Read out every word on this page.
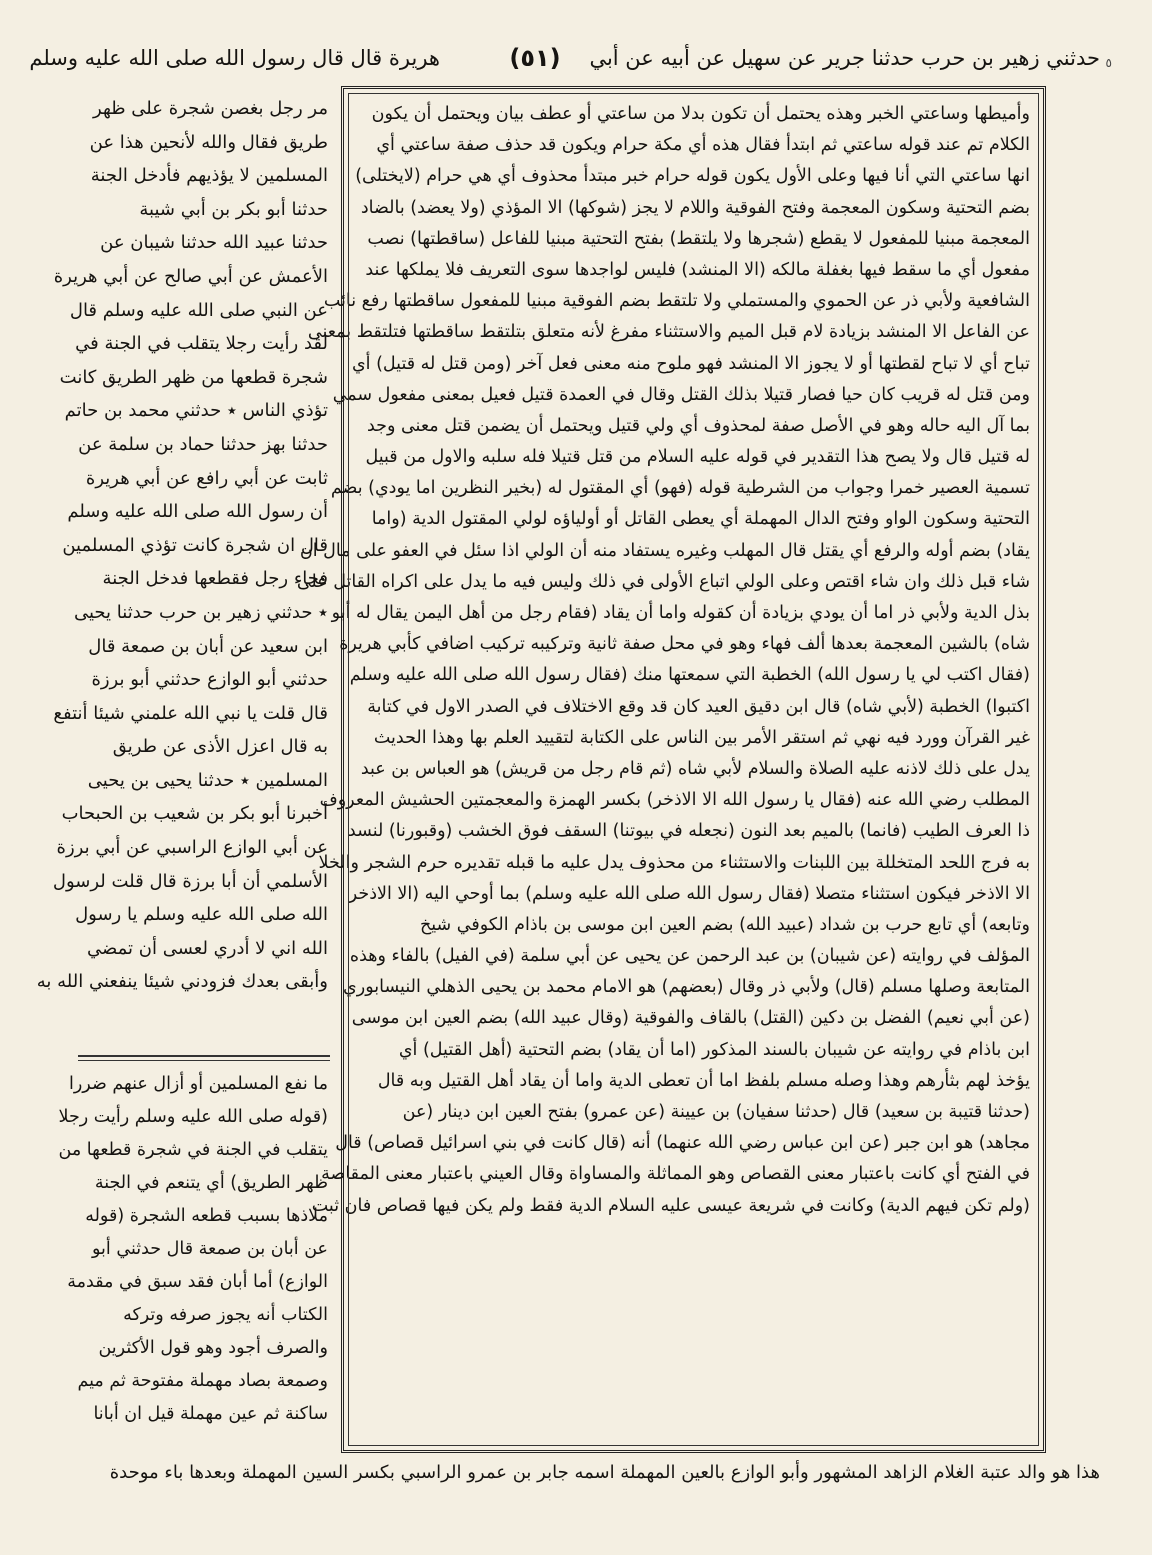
٥
حدثني زهير بن حرب حدثنا جرير عن سهيل عن أبيه عن أبي
(٥١)
هريرة قال قال رسول الله صلى الله عليه وسلم
وأميطها وساعتي الخبر وهذه يحتمل أن تكون بدلا من ساعتي أو عطف بيان ويحتمل أن يكون
الكلام تم عند قوله ساعتي ثم ابتدأ فقال هذه أي مكة حرام ويكون قد حذف صفة ساعتي أي
انها ساعتي التي أنا فيها وعلى الأول يكون قوله حرام خبر مبتدأ محذوف أي هي حرام (لايختلى)
بضم التحتية وسكون المعجمة وفتح الفوقية واللام لا يجز (شوكها) الا المؤذي (ولا يعضد) بالضاد
المعجمة مبنيا للمفعول لا يقطع (شجرها ولا يلتقط) بفتح التحتية مبنيا للفاعل (ساقطتها) نصب
مفعول أي ما سقط فيها بغفلة مالكه (الا المنشد) فليس لواجدها سوى التعريف فلا يملكها عند
الشافعية ولأبي ذر عن الحموي والمستملي ولا تلتقط بضم الفوقية مبنيا للمفعول ساقطتها رفع نائب
عن الفاعل الا المنشد بزيادة لام قبل الميم والاستثناء مفرغ لأنه متعلق بتلتقط ساقطتها فتلتقط بمعنى
تباح أي لا تباح لقطتها أو لا يجوز الا المنشد فهو ملوح منه معنى فعل آخر (ومن قتل له قتيل) أي
ومن قتل له قريب كان حيا فصار قتيلا بذلك القتل وقال في العمدة قتيل فعيل بمعنى مفعول سمي
بما آل اليه حاله وهو في الأصل صفة لمحذوف أي ولي قتيل ويحتمل أن يضمن قتل معنى وجد
له قتيل قال ولا يصح هذا التقدير في قوله عليه السلام من قتل قتيلا فله سلبه والاول من قبيل
تسمية العصير خمرا وجواب من الشرطية قوله (فهو) أي المقتول له (بخير النظرين اما يودي) بضم
التحتية وسكون الواو وفتح الدال المهملة أي يعطى القاتل أو أولياؤه لولي المقتول الدية (واما
يقاد) بضم أوله والرفع أي يقتل قال المهلب وغيره يستفاد منه أن الولي اذا سئل في العفو على مال ان
شاء قبل ذلك وان شاء اقتص وعلى الولي اتباع الأولى في ذلك وليس فيه ما يدل على اكراه القاتل على
بذل الدية ولأبي ذر اما أن يودي بزيادة أن كقوله واما أن يقاد (فقام رجل من أهل اليمن يقال له أبو
شاه) بالشين المعجمة بعدها ألف فهاء وهو في محل صفة ثانية وتركيبه تركيب اضافي كأبي هريرة
(فقال اكتب لي يا رسول الله) الخطبة التي سمعتها منك (فقال رسول الله صلى الله عليه وسلم
اكتبوا) الخطبة (لأبي شاه) قال ابن دقيق العيد كان قد وقع الاختلاف في الصدر الاول في كتابة
غير القرآن وورد فيه نهي ثم استقر الأمر بين الناس على الكتابة لتقييد العلم بها وهذا الحديث
يدل على ذلك لاذنه عليه الصلاة والسلام لأبي شاه (ثم قام رجل من قريش) هو العباس بن عبد
المطلب رضي الله عنه (فقال يا رسول الله الا الاذخر) بكسر الهمزة والمعجمتين الحشيش المعروف
ذا العرف الطيب (فانما) بالميم بعد النون (نجعله في بيوتنا) السقف فوق الخشب (وقبورنا) لنسد
به فرج اللحد المتخللة بين اللبنات والاستثناء من محذوف يدل عليه ما قبله تقديره حرم الشجر والخلا
الا الاذخر فيكون استثناء متصلا (فقال رسول الله صلى الله عليه وسلم) بما أوحي اليه (الا الاذخر
وتابعه) أي تابع حرب بن شداد (عبيد الله) بضم العين ابن موسى بن باذام الكوفي شيخ
المؤلف في روايته (عن شيبان) بن عبد الرحمن عن يحيى عن أبي سلمة (في الفيل) بالفاء وهذه
المتابعة وصلها مسلم (قال) ولأبي ذر وقال (بعضهم) هو الامام محمد بن يحيى الذهلي النيسابوري
(عن أبي نعيم) الفضل بن دكين (القتل) بالقاف والفوقية (وقال عبيد الله) بضم العين ابن موسى
ابن باذام في روايته عن شيبان بالسند المذكور (اما أن يقاد) بضم التحتية (أهل القتيل) أي
يؤخذ لهم بثأرهم وهذا وصله مسلم بلفظ اما أن تعطى الدية واما أن يقاد أهل القتيل وبه قال
(حدثنا قتيبة بن سعيد) قال (حدثنا سفيان) بن عيينة (عن عمرو) بفتح العين ابن دينار (عن
مجاهد) هو ابن جبر (عن ابن عباس رضي الله عنهما) أنه (قال كانت في بني اسرائيل قصاص) قال
في الفتح أي كانت باعتبار معنى القصاص وهو المماثلة والمساواة وقال العيني باعتبار معنى المقاصة
(ولم تكن فيهم الدية) وكانت في شريعة عيسى عليه السلام الدية فقط ولم يكن فيها قصاص فان ثبت
مر رجل بغصن شجرة على ظهر
طريق فقال والله لأنحين هذا عن
المسلمين لا يؤذيهم فأدخل الجنة
حدثنا أبو بكر بن أبي شيبة
حدثنا عبيد الله حدثنا شيبان عن
الأعمش عن أبي صالح عن أبي هريرة
عن النبي صلى الله عليه وسلم قال
لقد رأيت رجلا يتقلب في الجنة في
شجرة قطعها من ظهر الطريق كانت
تؤذي الناس ٭ حدثني محمد بن حاتم
حدثنا بهز حدثنا حماد بن سلمة عن
ثابت عن أبي رافع عن أبي هريرة
أن رسول الله صلى الله عليه وسلم
قال ان شجرة كانت تؤذي المسلمين
فجاء رجل فقطعها فدخل الجنة
٭ حدثني زهير بن حرب حدثنا يحيى
ابن سعيد عن أبان بن صمعة قال
حدثني أبو الوازع حدثني أبو برزة
قال قلت يا نبي الله علمني شيئا أنتفع
به قال اعزل الأذى عن طريق
المسلمين ٭ حدثنا يحيى بن يحيى
أخبرنا أبو بكر بن شعيب بن الحبحاب
عن أبي الوازع الراسبي عن أبي برزة
الأسلمي أن أبا برزة قال قلت لرسول
الله صلى الله عليه وسلم يا رسول
الله اني لا أدري لعسى أن تمضي
وأبقى بعدك فزودني شيئا ينفعني الله به
ما نفع المسلمين أو أزال عنهم ضررا
(قوله صلى الله عليه وسلم رأيت رجلا
يتقلب في الجنة في شجرة قطعها من
ظهر الطريق) أي يتنعم في الجنة
ملاذها بسبب قطعه الشجرة (قوله
عن أبان بن صمعة قال حدثني أبو
الوازع) أما أبان فقد سبق في مقدمة
الكتاب أنه يجوز صرفه وتركه
والصرف أجود وهو قول الأكثرين
وصمعة بصاد مهملة مفتوحة ثم ميم
ساكنة ثم عين مهملة قيل ان أبانا
هذا هو والد عتبة الغلام الزاهد المشهور وأبو الوازع بالعين المهملة اسمه جابر بن عمرو الراسبي بكسر السين المهملة وبعدها باء موحدة
